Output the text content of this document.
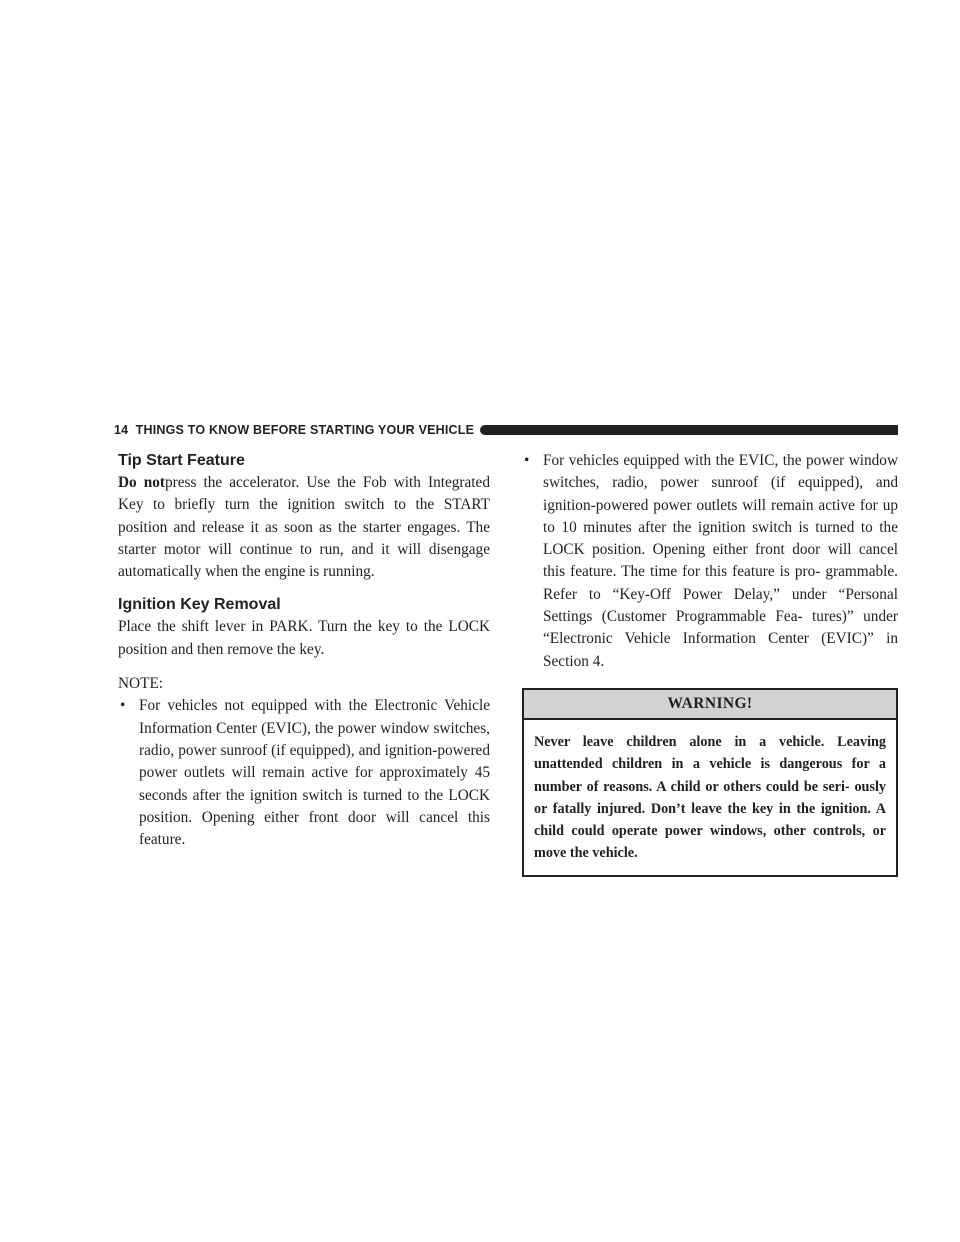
14 THINGS TO KNOW BEFORE STARTING YOUR VEHICLE
Tip Start Feature

Do notpress the accelerator. Use the Fob with Integrated Key to briefly turn the ignition switch to the START position and release it as soon as the starter engages. The starter motor will continue to run, and it will disengage automatically when the engine is running.

Ignition Key Removal

Place the shift lever in PARK. Turn the key to the LOCK position and then remove the key.

NOTE:

• For vehicles not equipped with the Electronic Vehicle Information Center (EVIC), the power window switches, radio, power sunroof (if equipped), and ignition-powered power outlets will remain active for approximately 45 seconds after the ignition switch is turned to the LOCK position. Opening either front door will cancel this feature.
• For vehicles equipped with the EVIC, the power window switches, radio, power sunroof (if equipped), and ignition-powered power outlets will remain active for up to 10 minutes after the ignition switch is turned to the LOCK position. Opening either front door will cancel this feature. The time for this feature is pro- grammable. Refer to “Key-Off Power Delay,” under “Personal Settings (Customer Programmable Fea- tures)” under “Electronic Vehicle Information Center (EVIC)” in Section 4.
WARNING!
Never leave children alone in a vehicle. Leaving unattended children in a vehicle is dangerous for a number of reasons. A child or others could be seri- ously or fatally injured. Don’t leave the key in the ignition. A child could operate power windows, other controls, or move the vehicle.
